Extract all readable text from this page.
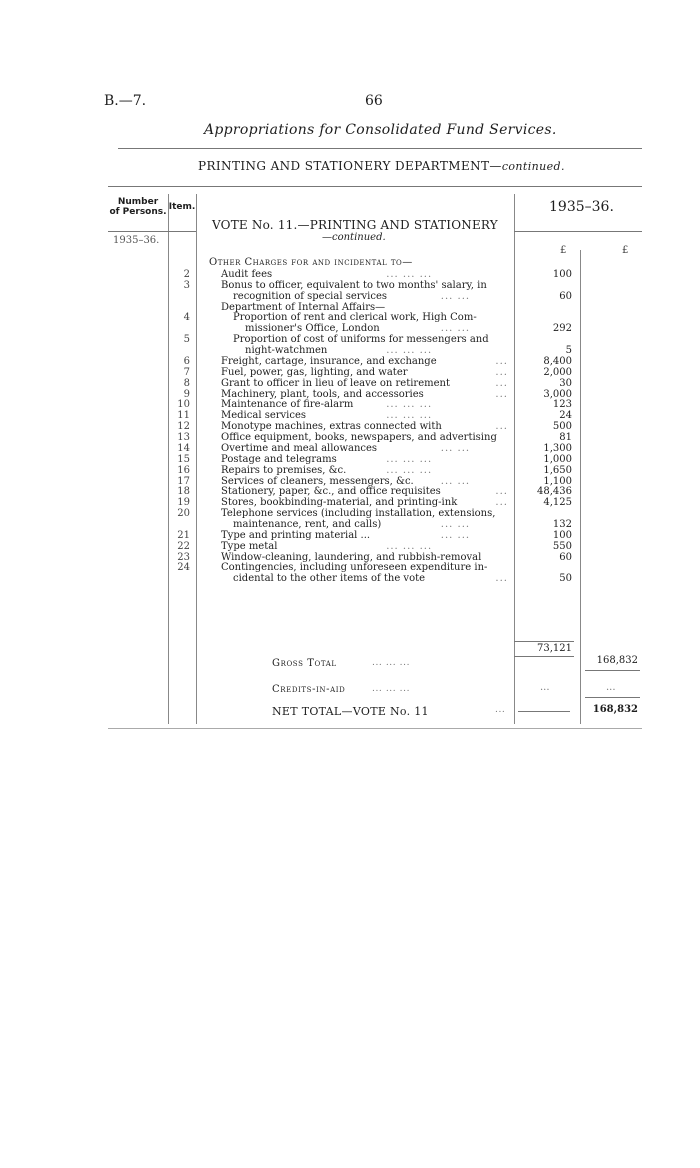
B.—7.	66
Appropriations for Consolidated Fund Services.
PRINTING AND STATIONERY DEPARTMENT—continued.
Number
of Persons. Item.	1935–36.
1935–36.
VOTE No. 11.—PRINTING AND STATIONERY
—continued.
£	£
Other Charges for and incidental to—
2	Audit fees	... ... ...	100
3	Bonus to officer, equivalent to two months' salary, in
recognition of special services	... ...	60
Department of Internal Affairs—
4	Proportion of rent and clerical work, High Com-
missioner's Office, London	... ...	292
5	Proportion of cost of uniforms for messengers and
night-watchmen	... ... ...	5
6	Freight, cartage, insurance, and exchange	...	8,400
7	Fuel, power, gas, lighting, and water	...	2,000
8	Grant to officer in lieu of leave on retirement	...	30
9	Machinery, plant, tools, and accessories	...	3,000
10	Maintenance of fire-alarm	... ... ...	123
11	Medical services	... ... ...	24
12	Monotype machines, extras connected with	...	500
13	Office equipment, books, newspapers, and advertising	81
14	Overtime and meal allowances	... ...	1,300
15	Postage and telegrams	... ... ...	1,000
16	Repairs to premises, &c.	... ... ...	1,650
17	Services of cleaners, messengers, &c.	... ...	1,100
18	Stationery, paper, &c., and office requisites	...	48,436
19	Stores, bookbinding-material, and printing-ink	...	4,125
20	Telephone services (including installation, extensions,
maintenance, rent, and calls)	... ...	132
21	Type and printing material ...	... ...	100
22	Type metal	... ... ...	550
23	Window-cleaning, laundering, and rubbish-removal	60
24	Contingencies, including unforeseen expenditure in-
cidental to the other items of the vote	...	50
73,121
Gross Total	... ... ...	168,832
Credits-in-aid	... ... ...	...	...
NET TOTAL—VOTE No. 11	...	168,832
